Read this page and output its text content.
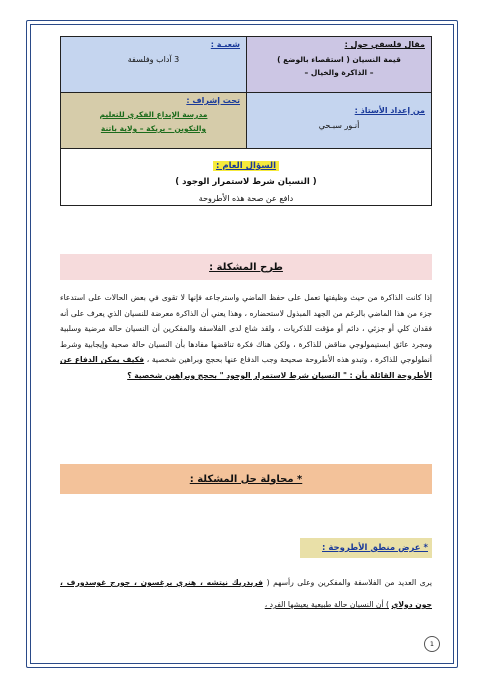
مقال فلسفي حول :
قيمة النسيان ( استقصاء بالوضع )
– الذاكرة والخيال –
شعبـة :
3 آداب وفلسفة
من إعداد الأستاذ :
أنـور سبـحي
تحت إشراف :
مدرسة الإبداع الفكري للتعليم
والتكوين – بريكة – ولاية باتنة
السؤال العام :
( النسيان شرط لاستمرار الوجود )
دافع عن صحة هذه الأطروحة
طرح المشكلة :
إذا كانت الذاكرة من حيث وظيفتها تعمل على حفظ الماضي واسترجاعه فإنها لا تقوى في بعض الحالات على استدعاء جزء من هذا الماضي بالرغم من الجهد المبذول لاستحضاره ، وهذا يعني أن الذاكرة معرضة للنسيان الذي يعرف على أنه فقدان كلي أو جزئي ، دائم أو مؤقت للذكريات ، ولقد شاع لدى الفلاسفة والمفكرين أن النسيان حالة مرضية وسلبية ومجرد عائق ابستيمولوجي مناقض للذاكرة ، ولكن هناك فكرة تناقضها مفادها بأن النسيان حالة صحية وإيجابية وشرط أنطولوجي للذاكرة ، وتبدو هذه الأطروحة صحيحة وجب الدفاع عنها بحجج وبراهين شخصية ، فكيف يمكن الدفاع عن الأطروحة القائلة بأن : " النسيان شرط لاستمرار الوجود " بحجج وبراهين شخصية ؟
* محاولة حل المشكلة :
* عرض منطق الأطروحة :
يرى العديد من الفلاسفة والمفكرين وعلى رأسهم ( فريدريك نيتشه ، هنري برغسون ، جورج غوسدورف ، جون دولاي ) أن النسيان حالة طبيعية يعيشها الفرد ،
1
